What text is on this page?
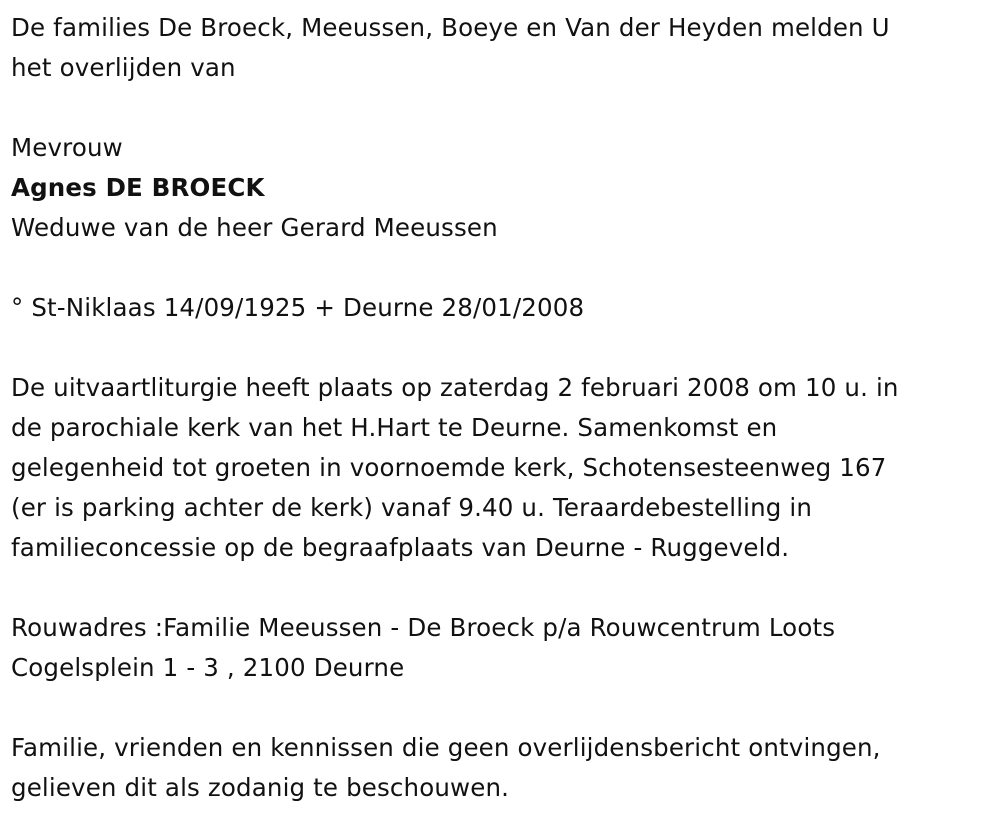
De families De Broeck, Meeussen, Boeye en Van der Heyden melden U
het overlijden van
Mevrouw
Agnes DE BROECK
Weduwe van de heer Gerard Meeussen
° St-Niklaas 14/09/1925 + Deurne 28/01/2008
De uitvaartliturgie heeft plaats op zaterdag 2 februari 2008 om 10 u. in
de parochiale kerk van het H.Hart te Deurne. Samenkomst en
gelegenheid tot groeten in voornoemde kerk, Schotensesteenweg 167
(er is parking achter de kerk) vanaf 9.40 u. Teraardebestelling in
familieconcessie op de begraafplaats van Deurne - Ruggeveld.
Rouwadres :Familie Meeussen - De Broeck p/a Rouwcentrum Loots
Cogelsplein 1 - 3 , 2100 Deurne
Familie, vrienden en kennissen die geen overlijdensbericht ontvingen,
gelieven dit als zodanig te beschouwen.
